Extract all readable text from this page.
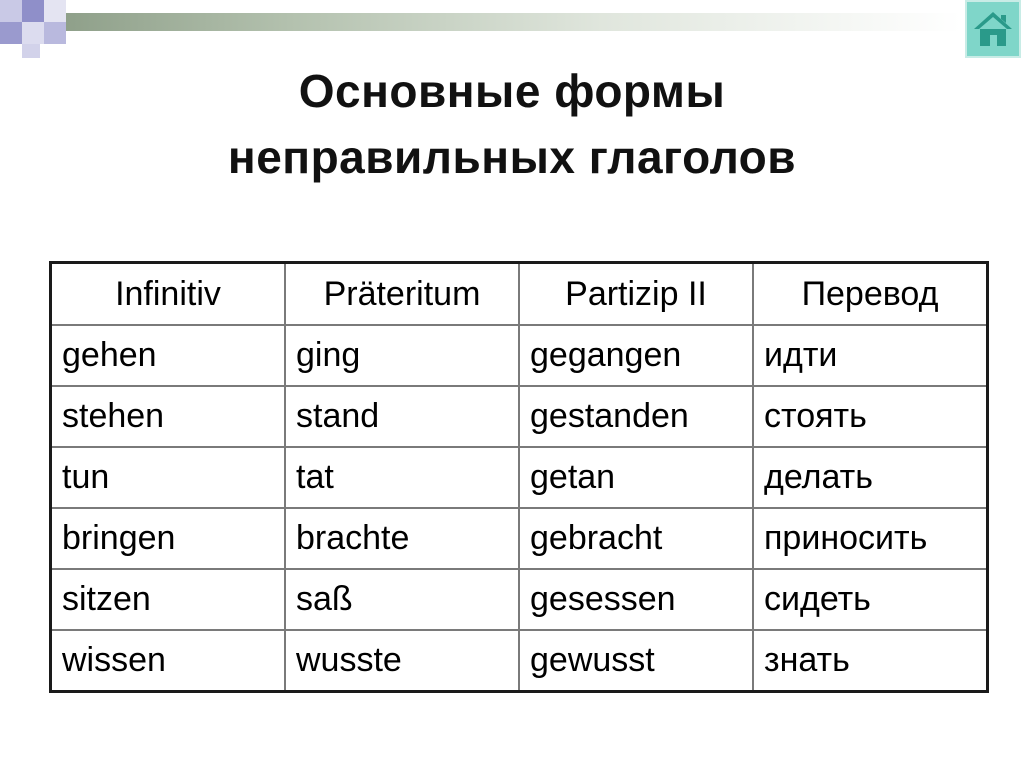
Основные формы
неправильных глаголов
Infinitiv	Präteritum	Partizip II	Перевод
gehen	ging	gegangen	идти
stehen	stand	gestanden	стоять
tun	tat	getan	делать
bringen	brachte	gebracht	приносить
sitzen	saß	gesessen	сидеть
wissen	wusste	gewusst	знать
